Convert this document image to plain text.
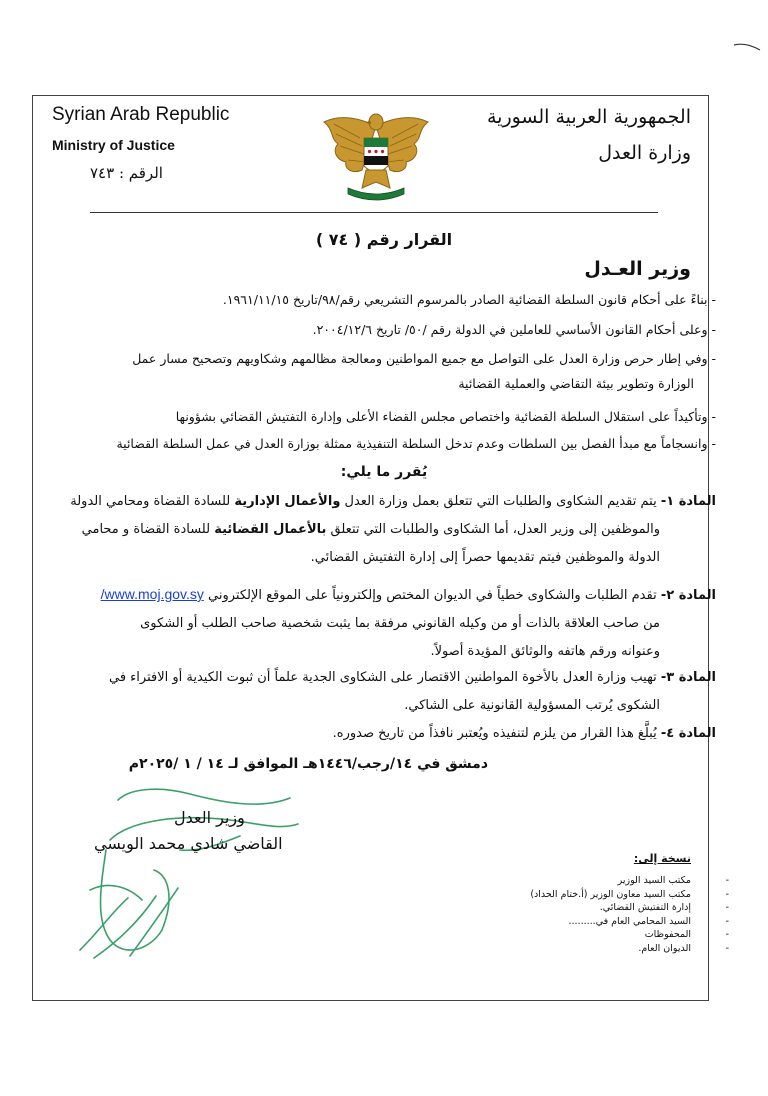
Syrian Arab Republic
Ministry of Justice
الرقم : ٧٤٣
الجمهورية العربية السورية
وزارة العدل
القرار رقم ( ٧٤ )
وزير العـدل
- بناءً على أحكام قانون السلطة القضائية الصادر بالمرسوم التشريعي رقم/٩٨/تاريخ ١٩٦١/١١/١٥.
- وعلى أحكام القانون الأساسي للعاملين في الدولة رقم /٥٠/ تاريخ ٢٠٠٤/١٢/٦.
- وفي إطار حرص وزارة العدل على التواصل مع جميع المواطنين ومعالجة مظالمهم وشكاويهم وتصحيح مسار عمل
الوزارة وتطوير بيئة التقاضي والعملية القضائية
- وتأكيداً على استقلال السلطة القضائية واختصاص مجلس القضاء الأعلى وإدارة التفتيش القضائي بشؤونها
- وانسجاماً مع مبدأ الفصل بين السلطات وعدم تدخل السلطة التنفيذية ممثلة بوزارة العدل في عمل السلطة القضائية
يُقرر ما يلي:
المادة ١- يتم تقديم الشكاوى والطلبات التي تتعلق بعمل وزارة العدل والأعمال الإدارية للسادة القضاة ومحامي الدولة
والموظفين إلى وزير العدل، أما الشكاوى والطلبات التي تتعلق بالأعمال القضائية للسادة القضاة و محامي
الدولة والموظفين فيتم تقديمها حصراً إلى إدارة التفتيش القضائي.
المادة ٢- تقدم الطلبات والشكاوى خطياً في الديوان المختص وإلكترونياً على الموقع الإلكتروني www.moj.gov.sy/
من صاحب العلاقة بالذات أو من وكيله القانوني مرفقة بما يثبت شخصية صاحب الطلب أو الشكوى
وعنوانه ورقم هاتفه والوثائق المؤيدة أصولاً.
المادة ٣- تهيب وزارة العدل بالأخوة المواطنين الاقتصار على الشكاوى الجدية علماً أن ثبوت الكيدية أو الافتراء في
الشكوى يُرتب المسؤولية القانونية على الشاكي.
المادة ٤- يُبلَّغ هذا القرار من يلزم لتنفيذه ويُعتبر نافذاً من تاريخ صدوره.
دمشق في ١٤/رجب/١٤٤٦هـ الموافق لـ ١٤ / ١ /٢٠٢٥م
وزير العدل
القاضي شادي محمد الويسي
نسخة إلى:
- مكتب السيد الوزير
- مكتب السيد معاون الوزير (أ.ختام الحداد)
- إدارة التفتيش القضائي.
- السيد المحامي العام في.........
- المحفوظات
- الديوان العام.
